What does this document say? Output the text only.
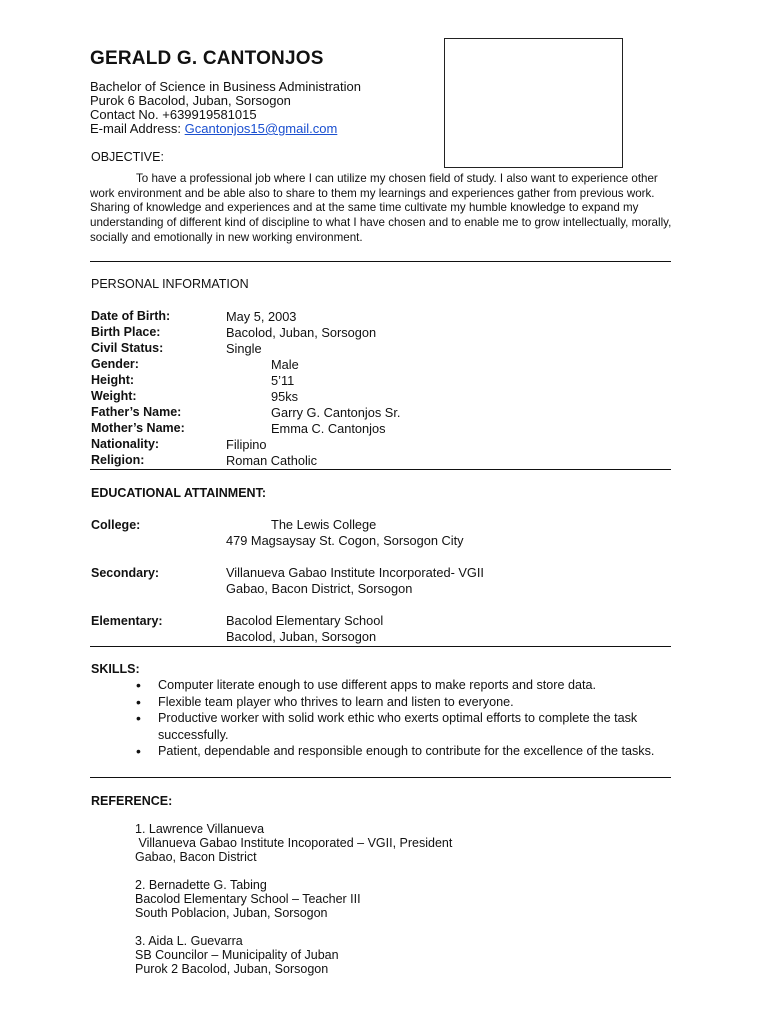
GERALD G. CANTONJOS
Bachelor of Science in Business Administration
Purok 6 Bacolod, Juban, Sorsogon
Contact No. +639919581015
E-mail Address: Gcantonjos15@gmail.com
OBJECTIVE:

To have a professional job where I can utilize my chosen field of study. I also want to experience other work environment and be able also to share to them my learnings and experiences gather from previous work. Sharing of knowledge and experiences and at the same time cultivate my humble knowledge to expand my understanding of different kind of discipline to what I have chosen and to enable me to grow intellectually, morally, socially and emotionally in new working environment.

PERSONAL INFORMATION
Date of Birth:	May 5, 2003
Birth Place:	Bacolod, Juban, Sorsogon
Civil Status:	Single
Gender:	Male
Height:	5’11
Weight:	95ks
Father’s Name:	Garry G. Cantonjos Sr.
Mother’s Name:	Emma C. Cantonjos
Nationality:	Filipino
Religion:	Roman Catholic
EDUCATIONAL ATTAINMENT:
College:	The Lewis College
479 Magsaysay St. Cogon, Sorsogon City
Secondary:	Villanueva Gabao Institute Incorporated- VGII
Gabao, Bacon District, Sorsogon
Elementary:	Bacolod Elementary School
Bacolod, Juban, Sorsogon
SKILLS:
• Computer literate enough to use different apps to make reports and store data.
• Flexible team player who thrives to learn and listen to everyone.
• Productive worker with solid work ethic who exerts optimal efforts to complete the task successfully.
• Patient, dependable and responsible enough to contribute for the excellence of the tasks.
REFERENCE:
1. Lawrence Villanueva
Villanueva Gabao Institute Incoporated – VGII, President
Gabao, Bacon District
2. Bernadette G. Tabing
Bacolod Elementary School – Teacher III
South Poblacion, Juban, Sorsogon
3. Aida L. Guevarra
SB Councilor – Municipality of Juban
Purok 2 Bacolod, Juban, Sorsogon
